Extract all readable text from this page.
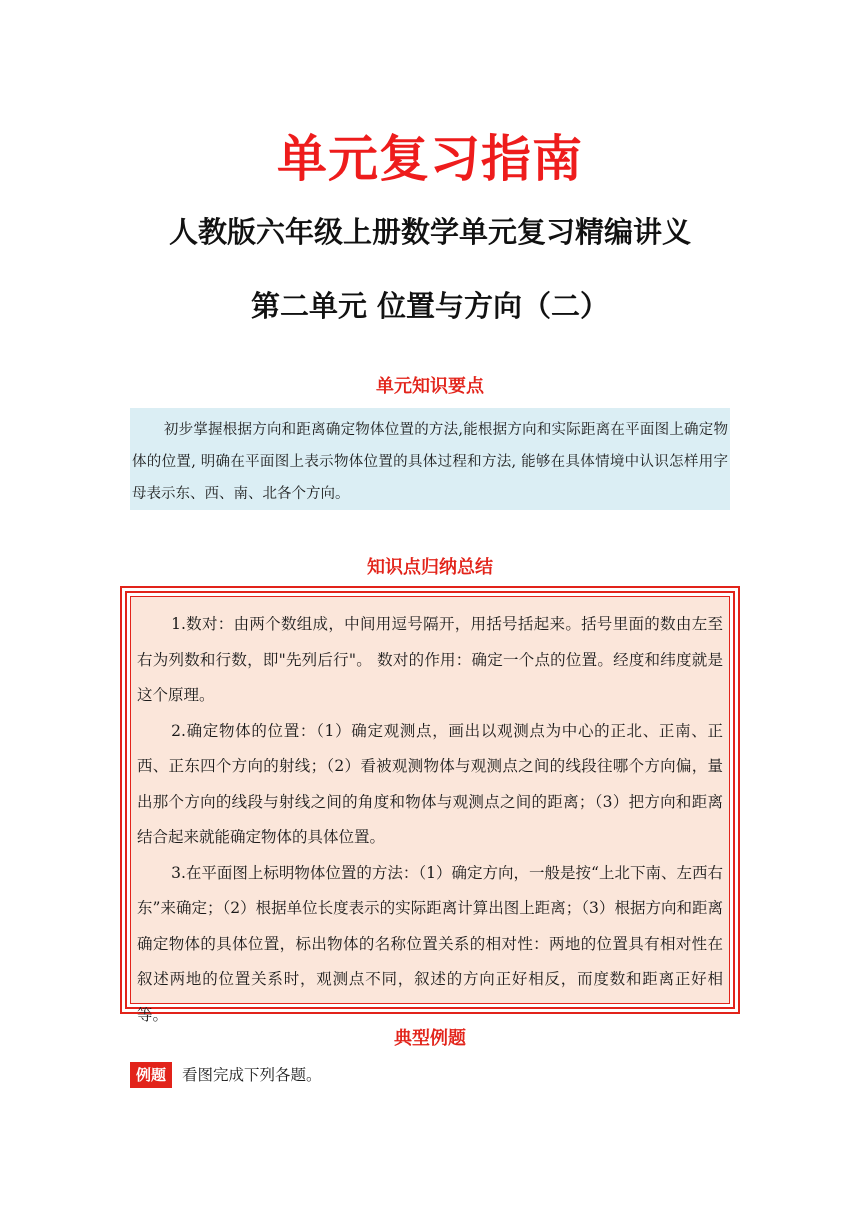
单元复习指南
人教版六年级上册数学单元复习精编讲义
第二单元 位置与方向（二）
单元知识要点
初步掌握根据方向和距离确定物体位置的方法,能根据方向和实际距离在平面图上确定物体的位置, 明确在平面图上表示物体位置的具体过程和方法, 能够在具体情境中认识怎样用字母表示东、西、南、北各个方向。
知识点归纳总结

1.数对：由两个数组成，中间用逗号隔开，用括号括起来。括号里面的数由左至右为列数和行数，即"先列后行"。 数对的作用：确定一个点的位置。经度和纬度就是这个原理。

2.确定物体的位置：（1）确定观测点，画出以观测点为中心的正北、正南、正西、正东四个方向的射线；（2）看被观测物体与观测点之间的线段往哪个方向偏，量出那个方向的线段与射线之间的角度和物体与观测点之间的距离；（3）把方向和距离结合起来就能确定物体的具体位置。

3.在平面图上标明物体位置的方法：（1）确定方向，一般是按“上北下南、左西右东”来确定；（2）根据单位长度表示的实际距离计算出图上距离；（3）根据方向和距离确定物体的具体位置，标出物体的名称位置关系的相对性：两地的位置具有相对性在叙述两地的位置关系时，观测点不同，叙述的方向正好相反，而度数和距离正好相等。

典型例题
例题	看图完成下列各题。
